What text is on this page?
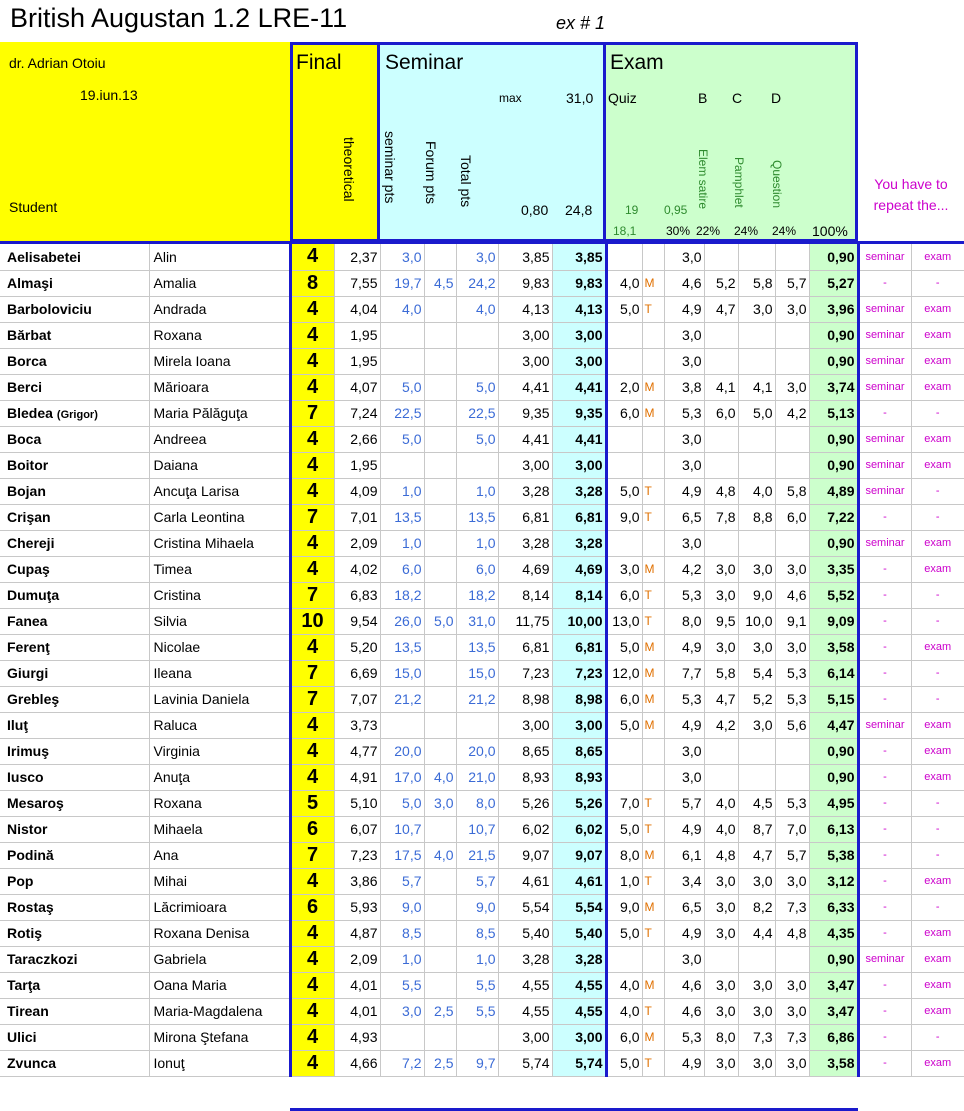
British Augustan 1.2 LRE-11	ex # 1
dr. Adrian Otoiu
19.iun.13
Student
Final
theoretical
Seminar
max	31,0
seminar pts Forum pts Total pts
0,80 24,8
Exam
Quiz	B C D
Elem satire Pamphlet Question
19 0,95
18,1 30% 22% 24% 24% 100%
You have to repeat the...
Aelisabetei	Alin	4	2,37	3,0		3,0	3,85	3,85			3,0				0,90	seminar	exam
Almaşi	Amalia	8	7,55	19,7	4,5	24,2	9,83	9,83	4,0	M	4,6	5,2	5,8	5,7	5,27	-	-
Barboloviciu	Andrada	4	4,04	4,0		4,0	4,13	4,13	5,0	T	4,9	4,7	3,0	3,0	3,96	seminar	exam
Bărbat	Roxana	4	1,95				3,00	3,00			3,0				0,90	seminar	exam
Borca	Mirela Ioana	4	1,95				3,00	3,00			3,0				0,90	seminar	exam
Berci	Mărioara	4	4,07	5,0		5,0	4,41	4,41	2,0	M	3,8	4,1	4,1	3,0	3,74	seminar	exam
Bledea (Grigor)	Maria Pălăguţa	7	7,24	22,5		22,5	9,35	9,35	6,0	M	5,3	6,0	5,0	4,2	5,13	-	-
Boca	Andreea	4	2,66	5,0		5,0	4,41	4,41			3,0				0,90	seminar	exam
Boitor	Daiana	4	1,95				3,00	3,00			3,0				0,90	seminar	exam
Bojan	Ancuţa Larisa	4	4,09	1,0		1,0	3,28	3,28	5,0	T	4,9	4,8	4,0	5,8	4,89	seminar	-
Crişan	Carla Leontina	7	7,01	13,5		13,5	6,81	6,81	9,0	T	6,5	7,8	8,8	6,0	7,22	-	-
Chereji	Cristina Mihaela	4	2,09	1,0		1,0	3,28	3,28			3,0				0,90	seminar	exam
Cupaş	Timea	4	4,02	6,0		6,0	4,69	4,69	3,0	M	4,2	3,0	3,0	3,0	3,35	-	exam
Dumuţa	Cristina	7	6,83	18,2		18,2	8,14	8,14	6,0	T	5,3	3,0	9,0	4,6	5,52	-	-
Fanea	Silvia	10	9,54	26,0	5,0	31,0	11,75	10,00	13,0	T	8,0	9,5	10,0	9,1	9,09	-	-
Ferenţ	Nicolae	4	5,20	13,5		13,5	6,81	6,81	5,0	M	4,9	3,0	3,0	3,0	3,58	-	exam
Giurgi	Ileana	7	6,69	15,0		15,0	7,23	7,23	12,0	M	7,7	5,8	5,4	5,3	6,14	-	-
Grebleş	Lavinia Daniela	7	7,07	21,2		21,2	8,98	8,98	6,0	M	5,3	4,7	5,2	5,3	5,15	-	-
Iluţ	Raluca	4	3,73				3,00	3,00	5,0	M	4,9	4,2	3,0	5,6	4,47	seminar	exam
Irimuş	Virginia	4	4,77	20,0		20,0	8,65	8,65			3,0				0,90	-	exam
Iusco	Anuţa	4	4,91	17,0	4,0	21,0	8,93	8,93			3,0				0,90	-	exam
Mesaroş	Roxana	5	5,10	5,0	3,0	8,0	5,26	5,26	7,0	T	5,7	4,0	4,5	5,3	4,95	-	-
Nistor	Mihaela	6	6,07	10,7		10,7	6,02	6,02	5,0	T	4,9	4,0	8,7	7,0	6,13	-	-
Podină	Ana	7	7,23	17,5	4,0	21,5	9,07	9,07	8,0	M	6,1	4,8	4,7	5,7	5,38	-	-
Pop	Mihai	4	3,86	5,7		5,7	4,61	4,61	1,0	T	3,4	3,0	3,0	3,0	3,12	-	exam
Rostaş	Lăcrimioara	6	5,93	9,0		9,0	5,54	5,54	9,0	M	6,5	3,0	8,2	7,3	6,33	-	-
Rotiş	Roxana Denisa	4	4,87	8,5		8,5	5,40	5,40	5,0	T	4,9	3,0	4,4	4,8	4,35	-	exam
Taraczkozi	Gabriela	4	2,09	1,0		1,0	3,28	3,28			3,0				0,90	seminar	exam
Tarţa	Oana Maria	4	4,01	5,5		5,5	4,55	4,55	4,0	M	4,6	3,0	3,0	3,0	3,47	-	exam
Tirean	Maria-Magdalena	4	4,01	3,0	2,5	5,5	4,55	4,55	4,0	T	4,6	3,0	3,0	3,0	3,47	-	exam
Ulici	Mirona Ştefana	4	4,93				3,00	3,00	6,0	M	5,3	8,0	7,3	7,3	6,86	-	-
Zvunca	Ionuţ	4	4,66	7,2	2,5	9,7	5,74	5,74	5,0	T	4,9	3,0	3,0	3,0	3,58	-	exam
